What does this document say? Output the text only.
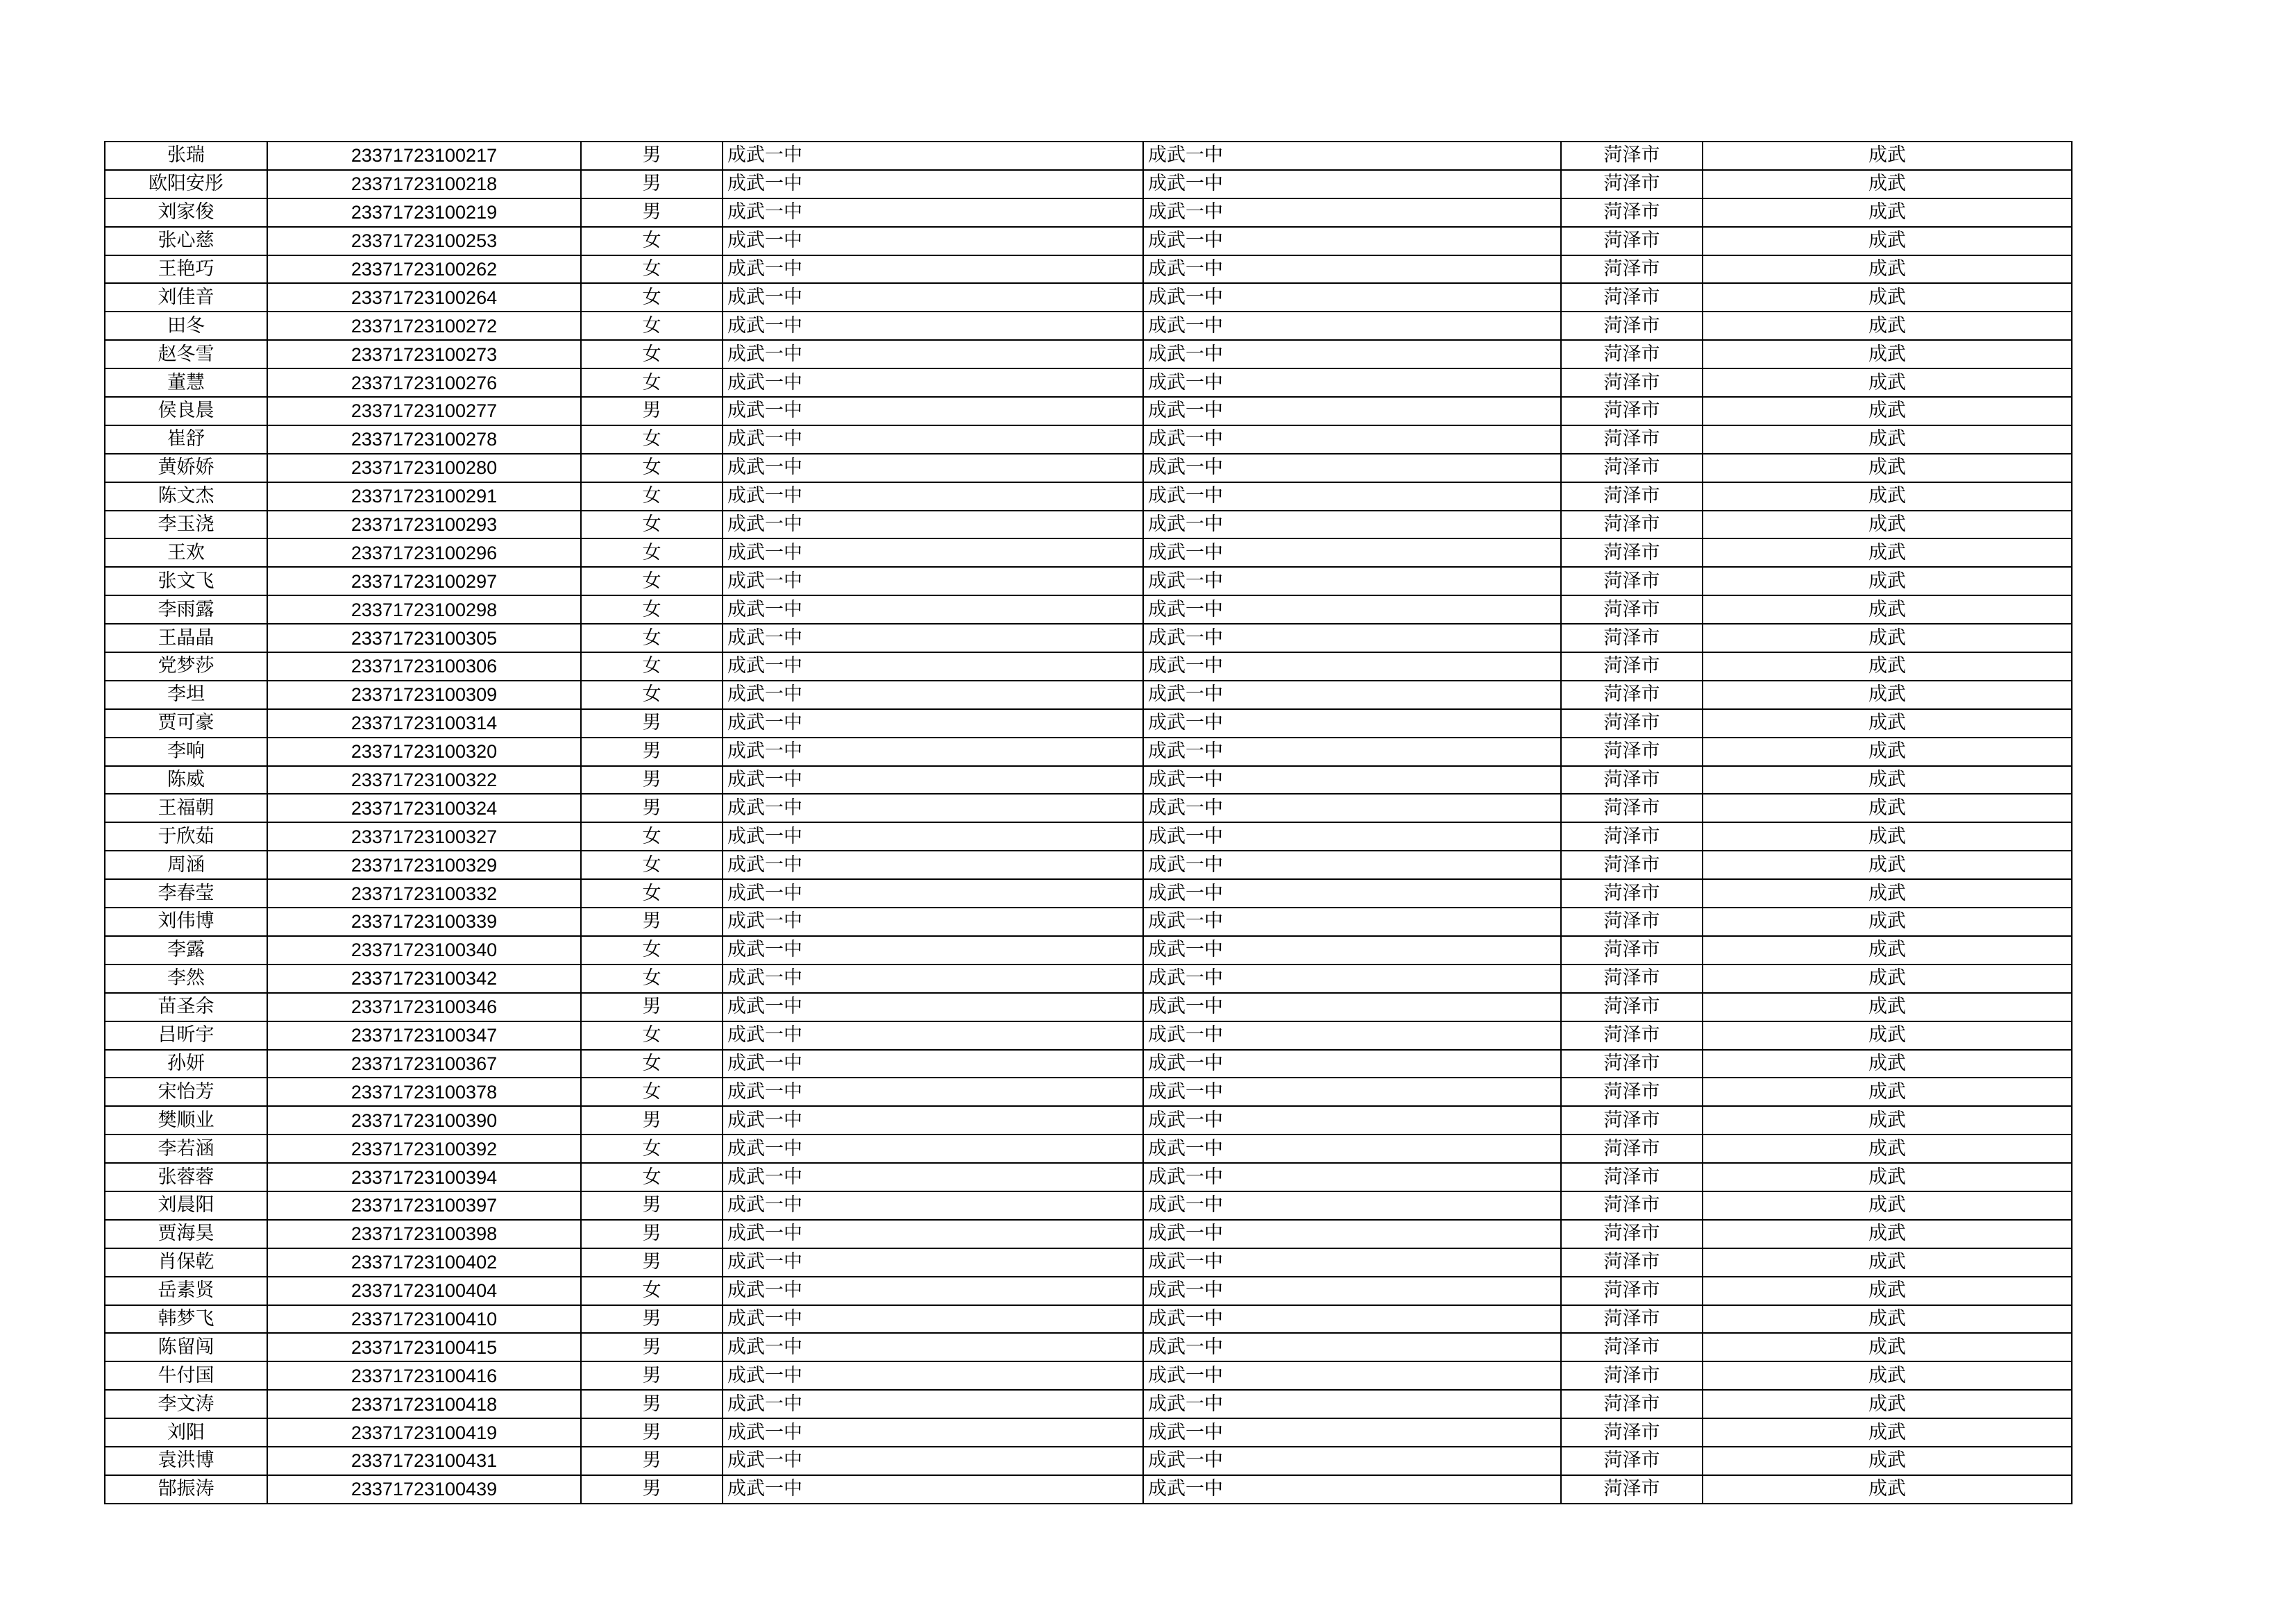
张瑞	23371723100217	男	成武一中	成武一中	菏泽市	成武
欧阳安彤	23371723100218	男	成武一中	成武一中	菏泽市	成武
刘家俊	23371723100219	男	成武一中	成武一中	菏泽市	成武
张心慈	23371723100253	女	成武一中	成武一中	菏泽市	成武
王艳巧	23371723100262	女	成武一中	成武一中	菏泽市	成武
刘佳音	23371723100264	女	成武一中	成武一中	菏泽市	成武
田冬	23371723100272	女	成武一中	成武一中	菏泽市	成武
赵冬雪	23371723100273	女	成武一中	成武一中	菏泽市	成武
董慧	23371723100276	女	成武一中	成武一中	菏泽市	成武
侯良晨	23371723100277	男	成武一中	成武一中	菏泽市	成武
崔舒	23371723100278	女	成武一中	成武一中	菏泽市	成武
黄娇娇	23371723100280	女	成武一中	成武一中	菏泽市	成武
陈文杰	23371723100291	女	成武一中	成武一中	菏泽市	成武
李玉浇	23371723100293	女	成武一中	成武一中	菏泽市	成武
王欢	23371723100296	女	成武一中	成武一中	菏泽市	成武
张文飞	23371723100297	女	成武一中	成武一中	菏泽市	成武
李雨露	23371723100298	女	成武一中	成武一中	菏泽市	成武
王晶晶	23371723100305	女	成武一中	成武一中	菏泽市	成武
党梦莎	23371723100306	女	成武一中	成武一中	菏泽市	成武
李坦	23371723100309	女	成武一中	成武一中	菏泽市	成武
贾可豪	23371723100314	男	成武一中	成武一中	菏泽市	成武
李响	23371723100320	男	成武一中	成武一中	菏泽市	成武
陈威	23371723100322	男	成武一中	成武一中	菏泽市	成武
王福朝	23371723100324	男	成武一中	成武一中	菏泽市	成武
于欣茹	23371723100327	女	成武一中	成武一中	菏泽市	成武
周涵	23371723100329	女	成武一中	成武一中	菏泽市	成武
李春莹	23371723100332	女	成武一中	成武一中	菏泽市	成武
刘伟博	23371723100339	男	成武一中	成武一中	菏泽市	成武
李露	23371723100340	女	成武一中	成武一中	菏泽市	成武
李然	23371723100342	女	成武一中	成武一中	菏泽市	成武
苗圣余	23371723100346	男	成武一中	成武一中	菏泽市	成武
吕昕宇	23371723100347	女	成武一中	成武一中	菏泽市	成武
孙妍	23371723100367	女	成武一中	成武一中	菏泽市	成武
宋怡芳	23371723100378	女	成武一中	成武一中	菏泽市	成武
樊顺业	23371723100390	男	成武一中	成武一中	菏泽市	成武
李若涵	23371723100392	女	成武一中	成武一中	菏泽市	成武
张蓉蓉	23371723100394	女	成武一中	成武一中	菏泽市	成武
刘晨阳	23371723100397	男	成武一中	成武一中	菏泽市	成武
贾海昊	23371723100398	男	成武一中	成武一中	菏泽市	成武
肖保乾	23371723100402	男	成武一中	成武一中	菏泽市	成武
岳素贤	23371723100404	女	成武一中	成武一中	菏泽市	成武
韩梦飞	23371723100410	男	成武一中	成武一中	菏泽市	成武
陈留闯	23371723100415	男	成武一中	成武一中	菏泽市	成武
牛付国	23371723100416	男	成武一中	成武一中	菏泽市	成武
李文涛	23371723100418	男	成武一中	成武一中	菏泽市	成武
刘阳	23371723100419	男	成武一中	成武一中	菏泽市	成武
袁洪博	23371723100431	男	成武一中	成武一中	菏泽市	成武
郜振涛	23371723100439	男	成武一中	成武一中	菏泽市	成武
